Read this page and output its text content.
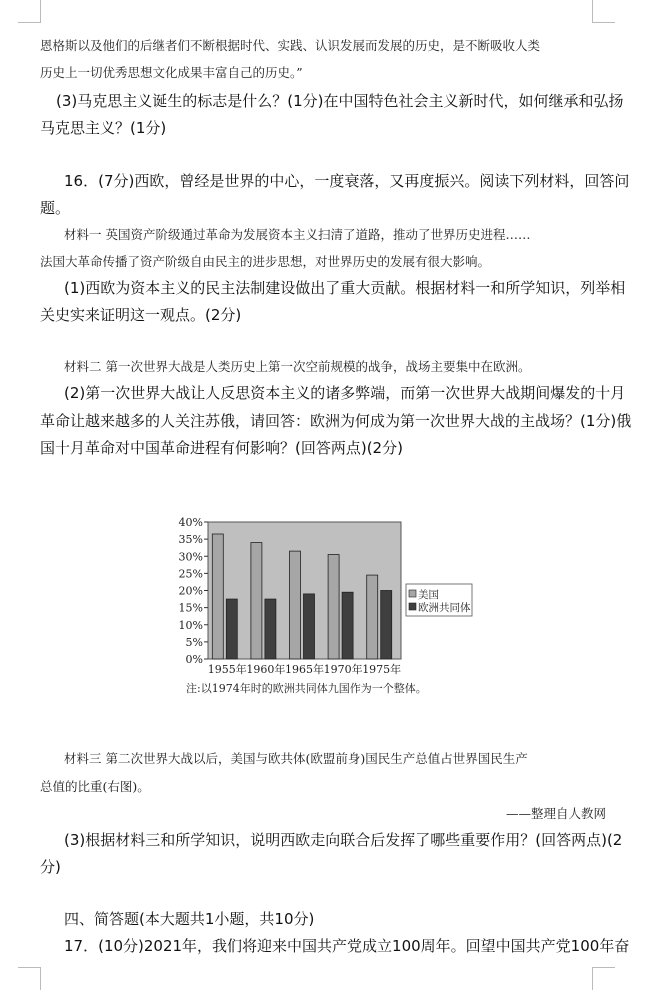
恩格斯以及他们的后继者们不断根据时代、实践、认识发展而发展的历史，是不断吸收人类
历史上一切优秀思想文化成果丰富自己的历史。”
(3)马克思主义诞生的标志是什么？(1分)在中国特色社会主义新时代，如何继承和弘扬
马克思主义？(1分)
16．(7分)西欧，曾经是世界的中心，一度衰落，又再度振兴。阅读下列材料，回答问
题。
材料一 英国资产阶级通过革命为发展资本主义扫清了道路，推动了世界历史进程……
法国大革命传播了资产阶级自由民主的进步思想，对世界历史的发展有很大影响。
(1)西欧为资本主义的民主法制建设做出了重大贡献。根据材料一和所学知识，列举相
关史实来证明这一观点。(2分)
材料二 第一次世界大战是人类历史上第一次空前规模的战争，战场主要集中在欧洲。
(2)第一次世界大战让人反思资本主义的诸多弊端，而第一次世界大战期间爆发的十月
革命让越来越多的人关注苏俄，请回答：欧洲为何成为第一次世界大战的主战场？(1分)俄
国十月革命对中国革命进程有何影响？(回答两点)(2分)
0%
5%
10%
15%
20%
25%
30%
35%
40%
1955年 1960年 1965年 1970年 1975年
美国
欧洲共同体
注:以1974年时的欧洲共同体九国作为一个整体。
材料三 第二次世界大战以后，美国与欧共体(欧盟前身)国民生产总值占世界国民生产
总值的比重(右图)。
——整理自人教网
(3)根据材料三和所学知识，说明西欧走向联合后发挥了哪些重要作用？(回答两点)(2
分)
四、简答题(本大题共1小题，共10分)
17．(10分)2021年，我们将迎来中国共产党成立100周年。回望中国共产党100年奋
